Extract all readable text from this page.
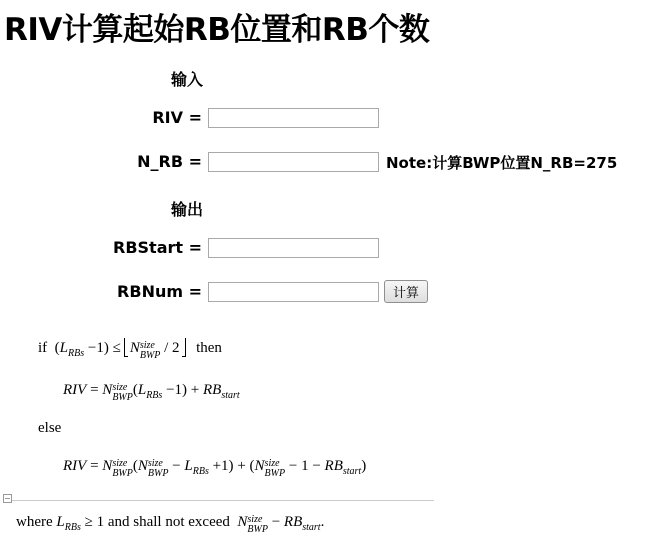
RIV计算起始RB位置和RB个数
输入
RIV =
N_RB =	Note:计算BWP位置N_RB=275
输出
RBStart =
RBNum =	计算
if $(L_{RBs} -1) \le N$ size
BWP / 2 then
RIV = N size
BWP $(L_{RBs} -1) + RB_{start}$
else
RIV = N size
BWP (N size
BWP − $L_{RBs} +1) + (N$ size
BWP − $1 - RB_{start}$)
where $L_{RBs} \ge 1$ and shall not exceed N size
BWP − $RB_{start}$.
